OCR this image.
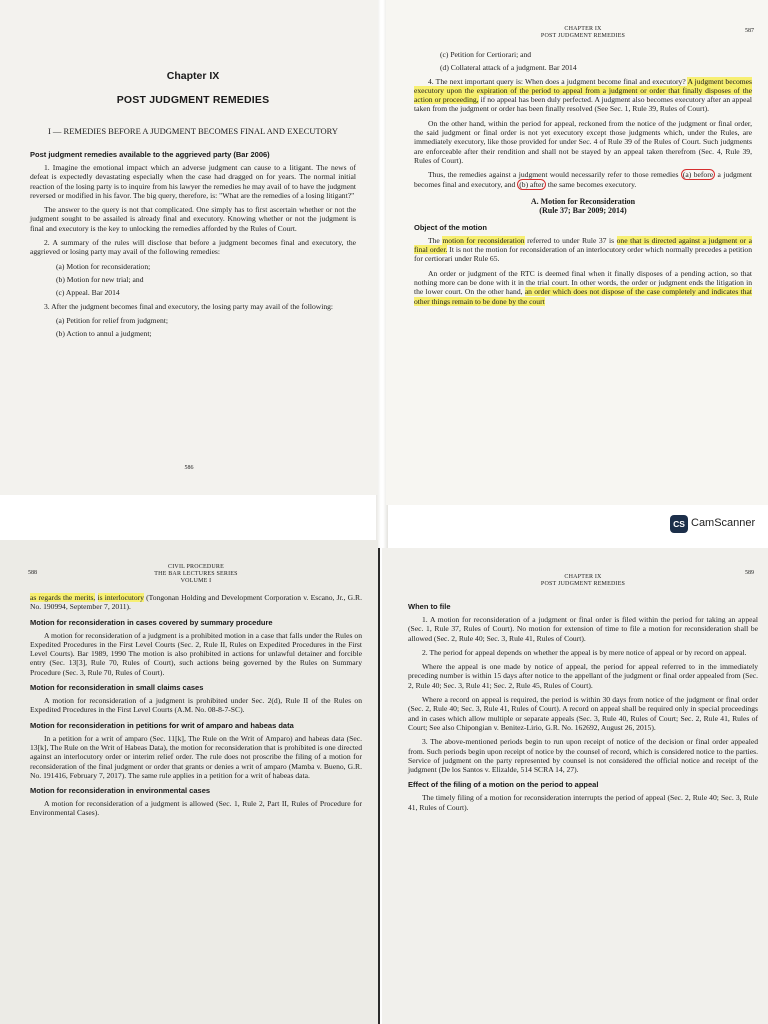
Chapter IX
POST JUDGMENT REMEDIES
I — REMEDIES BEFORE A JUDGMENT BECOMES FINAL AND EXECUTORY
Post judgment remedies available to the aggrieved party (Bar 2006)

1. Imagine the emotional impact which an adverse judgment can cause to a litigant. The news of defeat is expectedly devastating especially when the case had dragged on for years. The normal initial reaction of the losing party is to inquire from his lawyer the remedies he may avail of to have the judgment reversed or modified in his favor. The big query, therefore, is: "What are the remedies of a losing litigant?"

The answer to the query is not that complicated. One simply has to first ascertain whether or not the judgment sought to be assailed is already final and executory. Knowing whether or not the judgment is final and executory is the key to unlocking the remedies afforded by the Rules of Court.

2. A summary of the rules will disclose that before a judgment becomes final and executory, the aggrieved or losing party may avail of the following remedies:

(a) Motion for reconsideration;
(b) Motion for new trial; and
(c) Appeal. Bar 2014

3. After the judgment becomes final and executory, the losing party may avail of the following:

(a) Petition for relief from judgment;
(b) Action to annul a judgment;
586
CHAPTER IX
POST JUDGMENT REMEDIES
587
(c) Petition for Certiorari; and
(d) Collateral attack of a judgment. Bar 2014

4. The next important query is: When does a judgment become final and executory? A judgment becomes executory upon the expiration of the period to appeal from a judgment or order that finally disposes of the action or proceeding, if no appeal has been duly perfected. A judgment also becomes executory after an appeal taken from the judgment or order has been finally resolved (See Sec. 1, Rule 39, Rules of Court).

On the other hand, within the period for appeal, reckoned from the notice of the judgment or final order, the said judgment or final order is not yet executory except those judgments which, under the Rules, are immediately executory, like those provided for under Sec. 4 of Rule 39 of the Rules of Court. Such judgments are enforceable after their rendition and shall not be stayed by an appeal taken therefrom (Sec. 4, Rule 39, Rules of Court).

Thus, the remedies against a judgment would necessarily refer to those remedies (a) before a judgment becomes final and executory, and (b) after the same becomes executory.

A. Motion for Reconsideration
(Rule 37; Bar 2009; 2014)
Object of the motion

The motion for reconsideration referred to under Rule 37 is one that is directed against a judgment or a final order. It is not the motion for reconsideration of an interlocutory order which normally precedes a petition for certiorari under Rule 65.

An order or judgment of the RTC is deemed final when it finally disposes of a pending action, so that nothing more can be done with it in the trial court. In other words, the order or judgment ends the litigation in the lower court. On the other hand, an order which does not dispose of the case completely and indicates that other things remain to be done by the court

CS CamScanner
588
CIVIL PROCEDURE
THE BAR LECTURES SERIES
VOLUME I

as regards the merits, is interlocutory (Tongonan Holding and Development Corporation v. Escano, Jr., G.R. No. 190994, September 7, 2011).

Motion for reconsideration in cases covered by summary procedure

A motion for reconsideration of a judgment is a prohibited motion in a case that falls under the Rules on Expedited Procedures in the First Level Courts (Sec. 2, Rule II, Rules on Expedited Procedures in the First Level Courts). Bar 1989, 1990 The motion is also prohibited in actions for unlawful detainer and forcible entry (Sec. 13[3], Rule 70, Rules of Court), such actions being governed by the Rules on Summary Procedure (Sec. 3, Rule 70, Rules of Court).

Motion for reconsideration in small claims cases

A motion for reconsideration of a judgment is prohibited under Sec. 2(d), Rule II of the Rules on Expedited Procedures in the First Level Courts (A.M. No. 08-8-7-SC).

Motion for reconsideration in petitions for writ of amparo and habeas data

In a petition for a writ of amparo (Sec. 11[k], The Rule on the Writ of Amparo) and habeas data (Sec. 13[k], The Rule on the Writ of Habeas Data), the motion for reconsideration that is prohibited is one directed against an interlocutory order or interim relief order. The rule does not proscribe the filing of a motion for reconsideration of the final judgment or order that grants or denies a writ of amparo (Mamba v. Bueno, G.R. No. 191416, February 7, 2017). The same rule applies in a petition for a writ of habeas data.

Motion for reconsideration in environmental cases

A motion for reconsideration of a judgment is allowed (Sec. 1, Rule 2, Part II, Rules of Procedure for Environmental Cases).

CHAPTER IX
POST JUDGMENT REMEDIES
589
When to file

1. A motion for reconsideration of a judgment or final order is filed within the period for taking an appeal (Sec. 1, Rule 37, Rules of Court). No motion for extension of time to file a motion for reconsideration shall be allowed (Sec. 2, Rule 40; Sec. 3, Rule 41, Rules of Court).

2. The period for appeal depends on whether the appeal is by mere notice of appeal or by record on appeal.

Where the appeal is one made by notice of appeal, the period for appeal referred to in the immediately preceding number is within 15 days after notice to the appellant of the judgment or final order appealed from (Sec. 2, Rule 40; Sec. 3, Rule 41; Sec. 2, Rule 45, Rules of Court).

Where a record on appeal is required, the period is within 30 days from notice of the judgment or final order (Sec. 2, Rule 40; Sec. 3, Rule 41, Rules of Court). A record on appeal shall be required only in special proceedings and in cases which allow multiple or separate appeals (Sec. 3, Rule 40, Rules of Court; Sec. 2, Rule 41, Rules of Court; See also Chipongian v. Benitez-Lirio, G.R. No. 162692, August 26, 2015).

3. The above-mentioned periods begin to run upon receipt of notice of the decision or final order appealed from. Such periods begin upon receipt of notice by the counsel of record, which is considered notice to the parties. Service of judgment on the party represented by counsel is not considered the official notice and receipt of the judgment (De los Santos v. Elizalde, 514 SCRA 14, 27).

Effect of the filing of a motion on the period to appeal

The timely filing of a motion for reconsideration interrupts the period of appeal (Sec. 2, Rule 40; Sec. 3, Rule 41, Rules of Court).
